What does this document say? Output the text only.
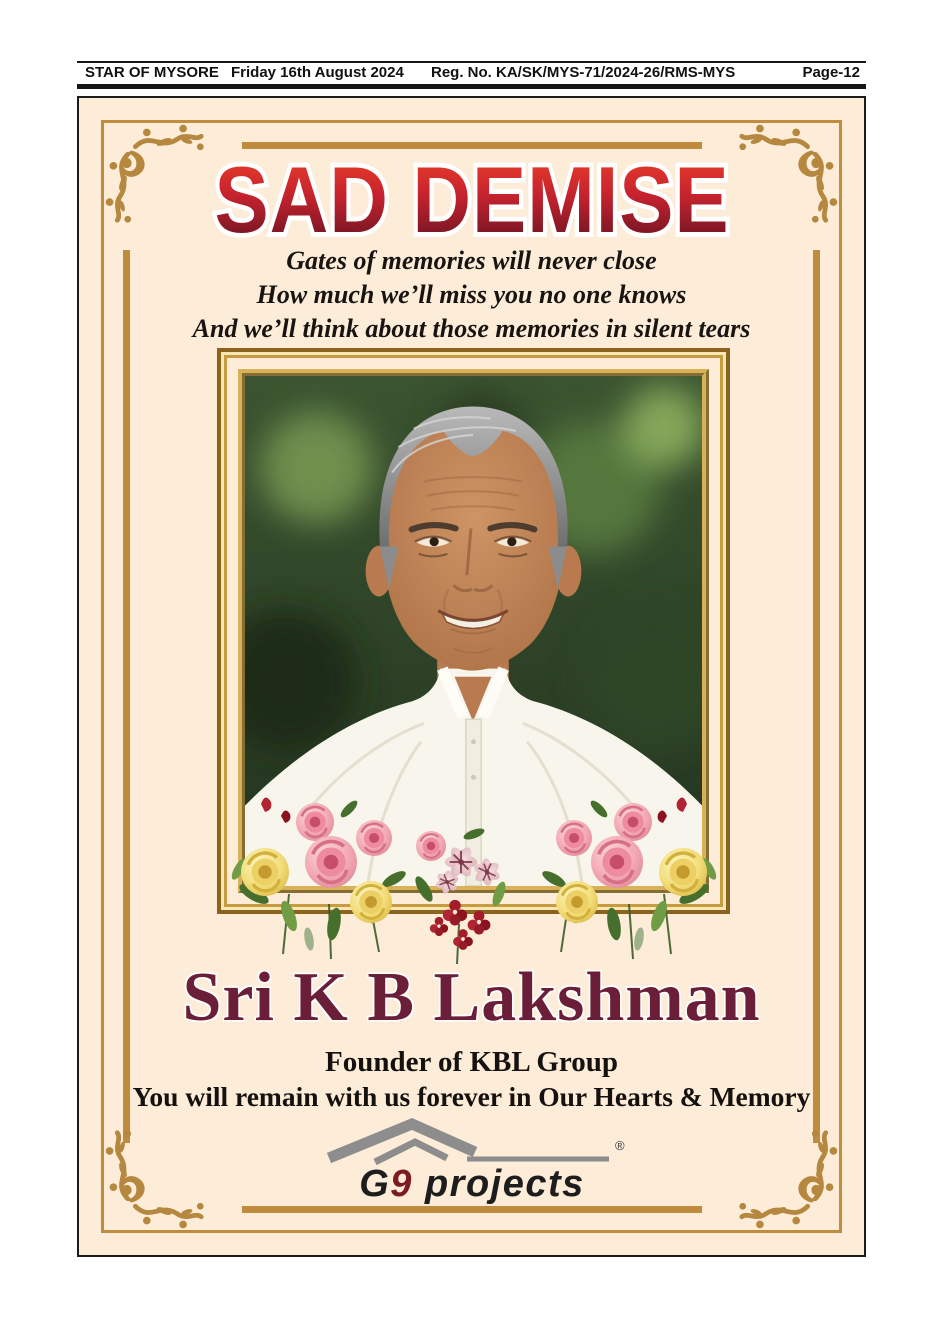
STAR OF MYSORE Friday 16th August 2024 Reg. No. KA/SK/MYS-71/2024-26/RMS-MYS	Page-12
SAD DEMISE
Gates of memories will never close
How much we’ll miss you no one knows
And we’ll think about those memories in silent tears
Sri K B Lakshman
Founder of KBL Group
You will remain with us forever in Our Hearts & Memory
®
G9 projects
